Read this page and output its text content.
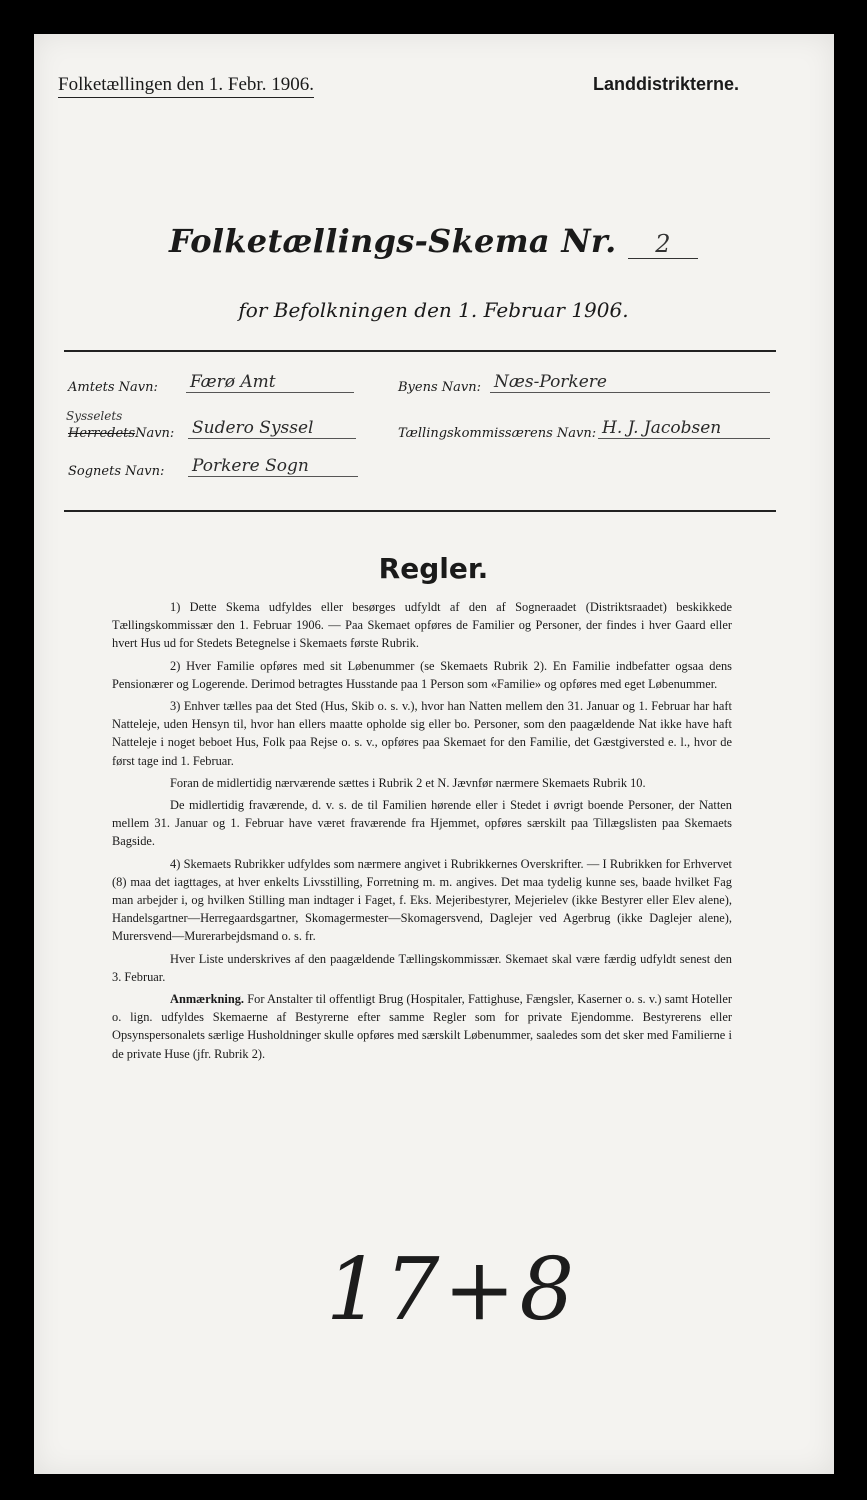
Folketællingen den 1. Febr. 1906.	Landdistrikterne.
Folketællings-Skema Nr. 2
for Befolkningen den 1. Februar 1906.
Amtets Navn: Færø Amt
Sysselets
HerredetsNavn: Sudero Syssel
Sognets Navn: Porkere Sogn
Byens Navn: Næs-Porkere
Tællingskommissærens Navn: H. J. Jacobsen
Regler.

1) Dette Skema udfyldes eller besørges udfyldt af den af Sogneraadet (Distriktsraadet) beskikkede Tællingskommissær den 1. Februar 1906. — Paa Skemaet opføres de Familier og Personer, der findes i hver Gaard eller hvert Hus ud for Stedets Betegnelse i Skemaets første Rubrik.

2) Hver Familie opføres med sit Løbenummer (se Skemaets Rubrik 2). En Familie indbefatter ogsaa dens Pensionærer og Logerende. Derimod betragtes Husstande paa 1 Person som «Familie» og opføres med eget Løbenummer.

3) Enhver tælles paa det Sted (Hus, Skib o. s. v.), hvor han Natten mellem den 31. Januar og 1. Februar har haft Natteleje, uden Hensyn til, hvor han ellers maatte opholde sig eller bo. Personer, som den paagældende Nat ikke have haft Natteleje i noget beboet Hus, Folk paa Rejse o. s. v., opføres paa Skemaet for den Familie, det Gæstgiversted e. l., hvor de først tage ind 1. Februar.

Foran de midlertidig nærværende sættes i Rubrik 2 et N. Jævnfør nærmere Skemaets Rubrik 10.

De midlertidig fraværende, d. v. s. de til Familien hørende eller i Stedet i øvrigt boende Personer, der Natten mellem 31. Januar og 1. Februar have været fraværende fra Hjemmet, opføres særskilt paa Tillægslisten paa Skemaets Bagside.

4) Skemaets Rubrikker udfyldes som nærmere angivet i Rubrikkernes Overskrifter. — I Rubrikken for Erhvervet (8) maa det iagttages, at hver enkelts Livsstilling, Forretning m. m. angives. Det maa tydelig kunne ses, baade hvilket Fag man arbejder i, og hvilken Stilling man indtager i Faget, f. Eks. Mejeribestyrer, Mejerielev (ikke Bestyrer eller Elev alene), Handelsgartner—Herregaardsgartner, Skomagermester—Skomagersvend, Daglejer ved Agerbrug (ikke Daglejer alene), Murersvend—Murerarbejdsmand o. s. fr.

Hver Liste underskrives af den paagældende Tællingskommissær. Skemaet skal være færdig udfyldt senest den 3. Februar.

Anmærkning. For Anstalter til offentligt Brug (Hospitaler, Fattighuse, Fængsler, Kaserner o. s. v.) samt Hoteller o. lign. udfyldes Skemaerne af Bestyrerne efter samme Regler som for private Ejendomme. Bestyrerens eller Opsynspersonalets særlige Husholdninger skulle opføres med særskilt Løbenummer, saaledes som det sker med Familierne i de private Huse (jfr. Rubrik 2).

17+8
